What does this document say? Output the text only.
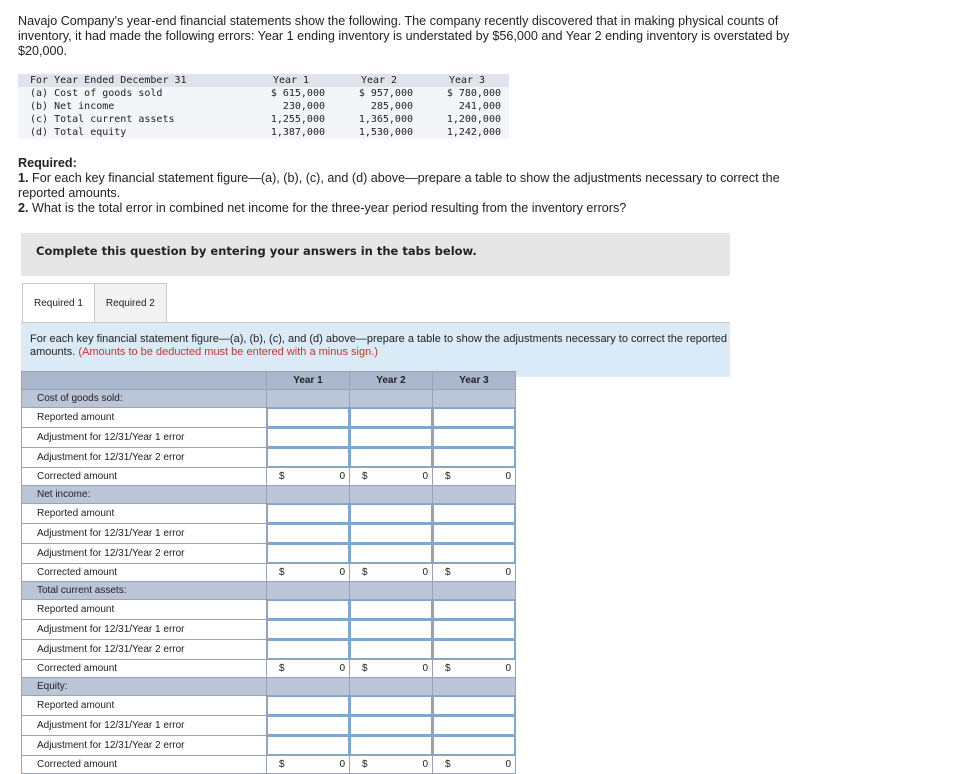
Navajo Company's year-end financial statements show the following. The company recently discovered that in making physical counts of inventory, it had made the following errors: Year 1 ending inventory is understated by $56,000 and Year 2 ending inventory is overstated by $20,000.
For Year Ended December 31	Year 1	Year 2	Year 3
(a) Cost of goods sold	$ 615,000	$ 957,000	$ 780,000
(b) Net income	230,000	285,000	241,000
(c) Total current assets	1,255,000	1,365,000	1,200,000
(d) Total equity	1,387,000	1,530,000	1,242,000
Required:
1. For each key financial statement figure—(a), (b), (c), and (d) above—prepare a table to show the adjustments necessary to correct the reported amounts.
2. What is the total error in combined net income for the three-year period resulting from the inventory errors?
Complete this question by entering your answers in the tabs below.
Required 1	Required 2
For each key financial statement figure—(a), (b), (c), and (d) above—prepare a table to show the adjustments necessary to correct the reported amounts. (Amounts to be deducted must be entered with a minus sign.)
	Year 1	Year 2	Year 3
Cost of goods sold:			
Reported amount			
Adjustment for 12/31/Year 1 error			
Adjustment for 12/31/Year 2 error			
Corrected amount	$ 0	$ 0	$ 0

Net income:			
Reported amount			
Adjustment for 12/31/Year 1 error			
Adjustment for 12/31/Year 2 error			
Corrected amount	$ 0	$ 0	$ 0

Total current assets:			
Reported amount			
Adjustment for 12/31/Year 1 error			
Adjustment for 12/31/Year 2 error			
Corrected amount	$ 0	$ 0	$ 0

Equity:			
Reported amount			
Adjustment for 12/31/Year 1 error			
Adjustment for 12/31/Year 2 error			
Corrected amount	$ 0	$ 0	$ 0
